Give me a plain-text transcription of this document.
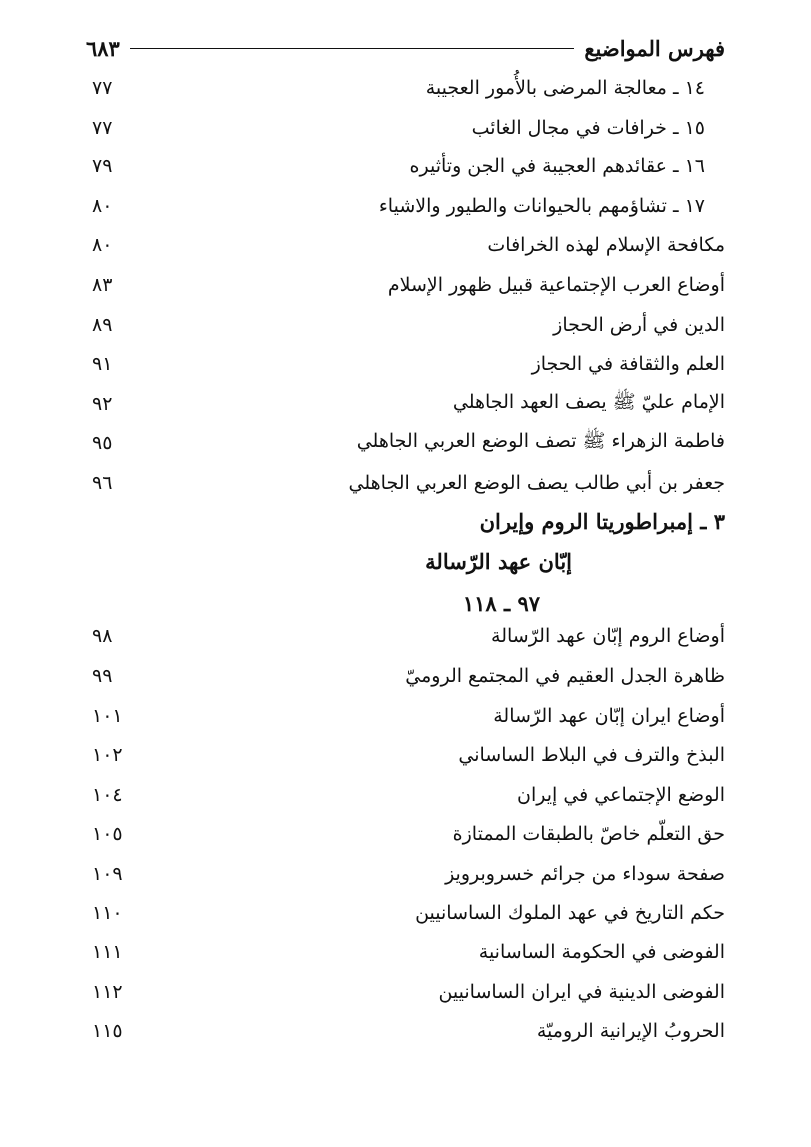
فهرس المواضيع
٦٨٣
١٤ ـ معالجة المرضى بالأُمور العجيبة
٧٧
١٥ ـ خرافات في مجال الغائب
٧٧
١٦ ـ عقائدهم العجيبة في الجن وتأثيره
٧٩
١٧ ـ تشاؤمهم بالحيوانات والطيور والاشياء
٨٠
مكافحة الإسلام لهذه الخرافات
٨٠
أوضاع العرب الإجتماعية قبيل ظهور الإسلام
٨٣
الدين في أرض الحجاز
٨٩
العلم والثقافة في الحجاز
٩١
الإمام عليّ ﷺ يصف العهد الجاهلي
٩٢
فاطمة الزهراء ﷺ تصف الوضع العربي الجاهلي
٩٥
جعفر بن أبي طالب يصف الوضع العربي الجاهلي
٩٦
٣ ـ إمبراطوريتا الروم وإيران
إبّان عهد الرّسالة
٩٧ ـ ١١٨
أوضاع الروم إبّان عهد الرّسالة
٩٨
ظاهرة الجدل العقيم في المجتمع الروميّ
٩٩
أوضاع ايران إبّان عهد الرّسالة
١٠١
البذخ والترف في البلاط الساساني
١٠٢
الوضع الإجتماعي في إيران
١٠٤
حق التعلّم خاصّ بالطبقات الممتازة
١٠٥
صفحة سوداء من جرائم خسروبرويز
١٠٩
حكم التاريخ في عهد الملوك الساسانيين
١١٠
الفوضى في الحكومة الساسانية
١١١
الفوضى الدينية في ايران الساسانيين
١١٢
الحروبُ الإيرانية الروميّة
١١٥
